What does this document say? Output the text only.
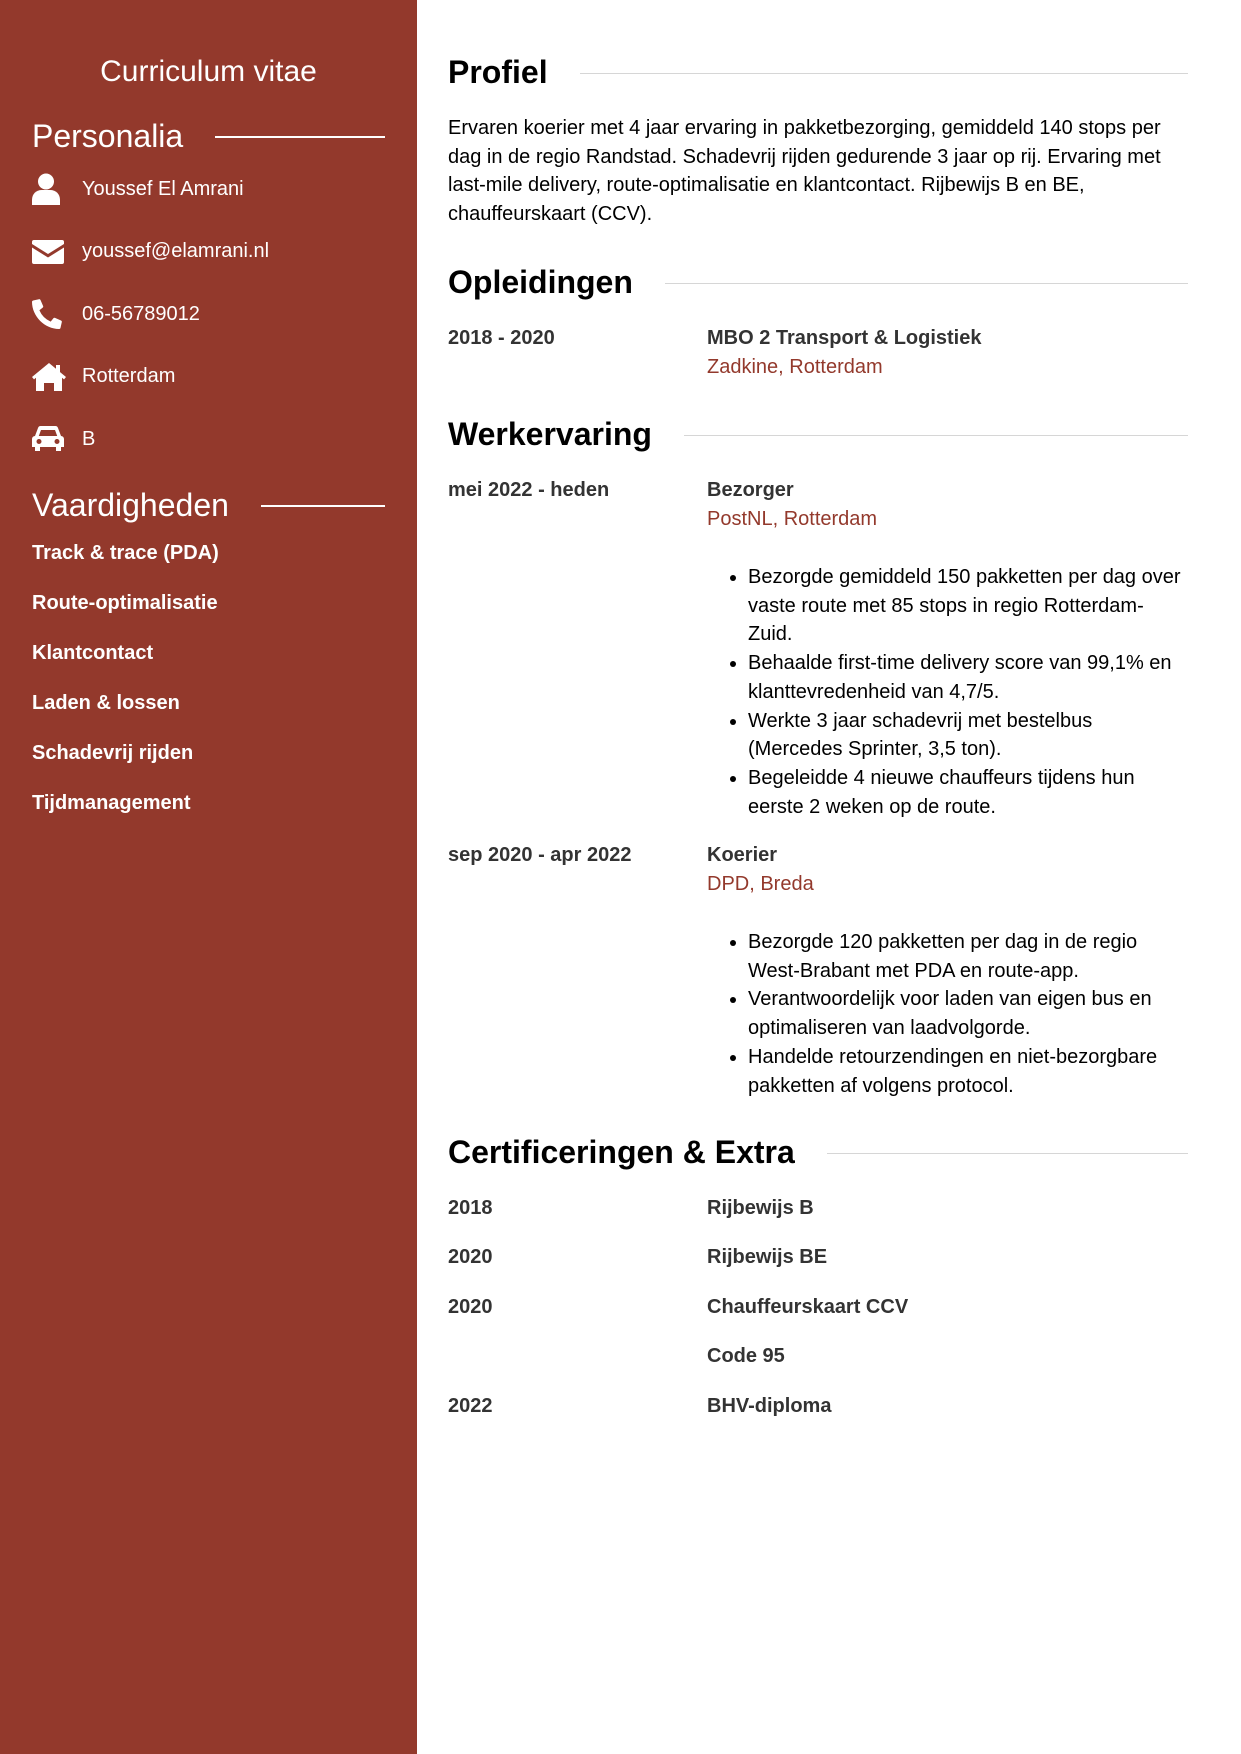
Curriculum vitae
Personalia
Youssef El Amrani
youssef@elamrani.nl
06-56789012
Rotterdam
B
Vaardigheden
Track & trace (PDA)
Route-optimalisatie
Klantcontact
Laden & lossen
Schadevrij rijden
Tijdmanagement
Profiel
Ervaren koerier met 4 jaar ervaring in pakketbezorging, gemiddeld 140 stops per dag in de regio Randstad. Schadevrij rijden gedurende 3 jaar op rij. Ervaring met last-mile delivery, route-optimalisatie en klantcontact. Rijbewijs B en BE, chauffeurskaart (CCV).
Opleidingen
2018 - 2020	MBO 2 Transport & Logistiek
Zadkine, Rotterdam
Werkervaring
mei 2022 - heden	Bezorger
PostNL, Rotterdam
• Bezorgde gemiddeld 150 pakketten per dag over vaste route met 85 stops in regio Rotterdam-Zuid.
• Behaalde first-time delivery score van 99,1% en klanttevredenheid van 4,7/5.
• Werkte 3 jaar schadevrij met bestelbus (Mercedes Sprinter, 3,5 ton).
• Begeleidde 4 nieuwe chauffeurs tijdens hun eerste 2 weken op de route.
sep 2020 - apr 2022	Koerier
DPD, Breda
• Bezorgde 120 pakketten per dag in de regio West-Brabant met PDA en route-app.
• Verantwoordelijk voor laden van eigen bus en optimaliseren van laadvolgorde.
• Handelde retourzendingen en niet-bezorgbare pakketten af volgens protocol.
Certificeringen & Extra
2018	Rijbewijs B
2020	Rijbewijs BE
2020	Chauffeurskaart CCV
Code 95
2022	BHV-diploma
